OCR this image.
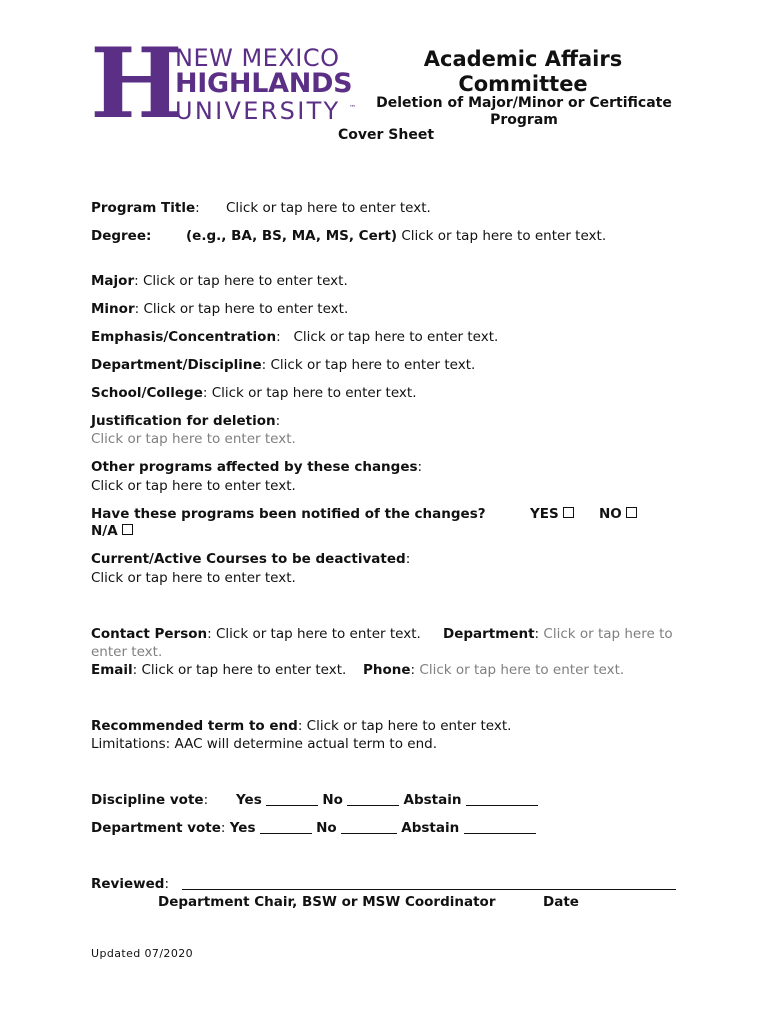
H
NEW MEXICO
HIGHLANDS
UNIVERSITY ™
Academic Affairs Committee
Deletion of Major/Minor or Certificate Program
Cover Sheet
Program Title: Click or tap here to enter text.
Degree:	(e.g., BA, BS, MA, MS, Cert) Click or tap here to enter text.
Major: Click or tap here to enter text.
Minor: Click or tap here to enter text.
Emphasis/Concentration:   Click or tap here to enter text.
Department/Discipline: Click or tap here to enter text.
School/College: Click or tap here to enter text.
Justification for deletion:
Click or tap here to enter text.
Other programs affected by these changes:
Click or tap here to enter text.
Have these programs been notified of the changes?	YES	NO
N/A
Current/Active Courses to be deactivated:
Click or tap here to enter text.
Contact Person: Click or tap here to enter text. Department: Click or tap here to
enter text.
Email: Click or tap here to enter text. Phone: Click or tap here to enter text.
Recommended term to end: Click or tap here to enter text.
Limitations: AAC will determine actual term to end.
Discipline vote: Yes	No	Abstain
Department vote: Yes	No	Abstain
Reviewed:
Department Chair, BSW or MSW Coordinator	Date
Updated 07/2020
